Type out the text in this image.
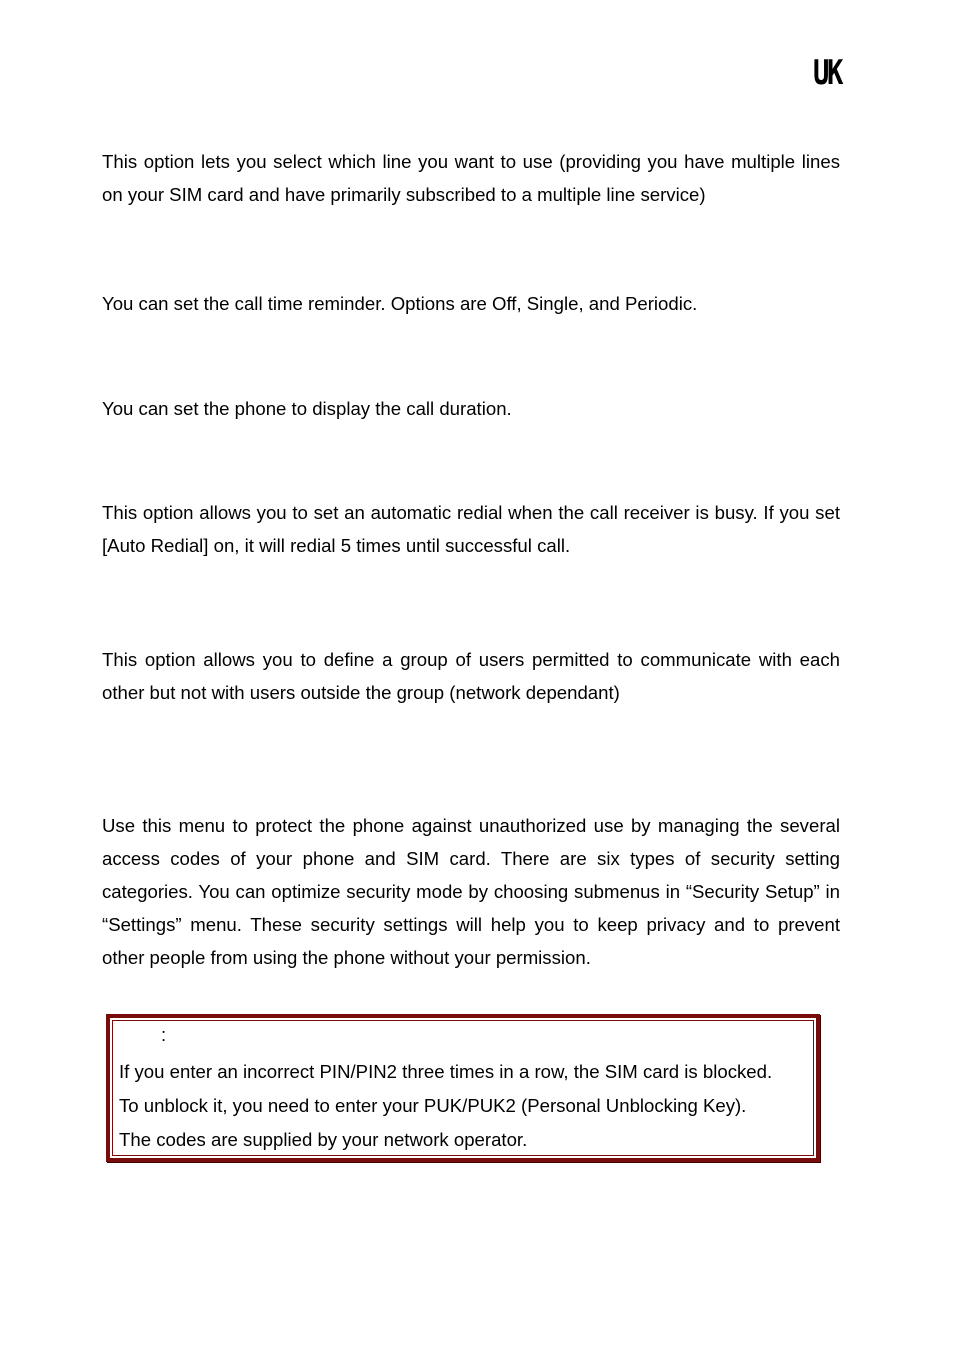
UK

This option lets you select which line you want to use (providing you have multiple lines on your SIM card and have primarily subscribed to a multiple line service)

You can set the call time reminder. Options are Off, Single, and Periodic.

You can set the phone to display the call duration.

This option allows you to set an automatic redial when the call receiver is busy. If you set [Auto Redial] on, it will redial 5 times until successful call.

This option allows you to define a group of users permitted to communicate with each other but not with users outside the group (network dependant)

Use this menu to protect the phone against unauthorized use by managing the several access codes of your phone and SIM card. There are six types of security setting categories. You can optimize security mode by choosing submenus in “Security Setup” in “Settings” menu. These security settings will help you to keep privacy and to prevent other people from using the phone without your permission.

:
If you enter an incorrect PIN/PIN2 three times in a row, the SIM card is blocked.
To unblock it, you need to enter your PUK/PUK2 (Personal Unblocking Key).
The codes are supplied by your network operator.
